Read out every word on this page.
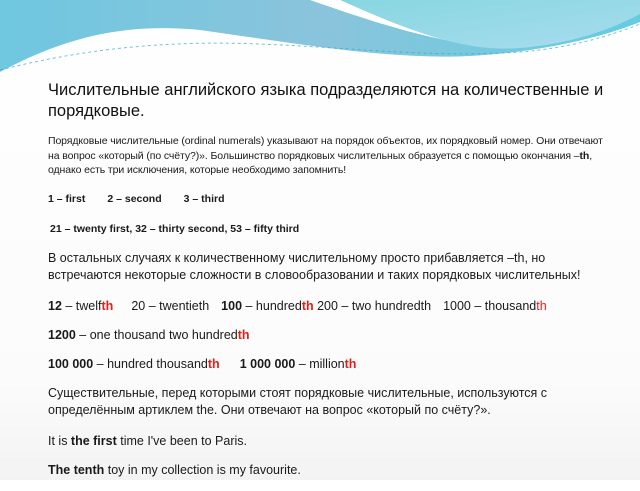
Числительные английского языка подразделяются на количественные и порядковые.

Порядковые числительные (ordinal numerals) указывают на порядок объектов, их порядковый номер. Они отвечают на вопрос «который (по счёту?)». Большинство порядковых числительных образуется с помощью окончания –th, однако есть три исключения, которые необходимо запомнить!

1 – first 2 – second 3 – third

21 – twenty first, 32 – thirty second, 53 – fifty third

В остальных случаях к количественному числительному просто прибавляется –th, но встречаются некоторые сложности в словообразовании и таких порядковых числительных!

12 – twelfth 20 – twentieth 100 – hundredth 200 – two hundredth 1000 – thousandth

1200 – one thousand two hundredth

100 000 – hundred thousandth 1 000 000 – millionth

Существительные, перед которыми стоят порядковые числительные, используются с определённым артиклем the. Они отвечают на вопрос «который по счёту?».

It is the first time I've been to Paris.

The tenth toy in my collection is my favourite.
